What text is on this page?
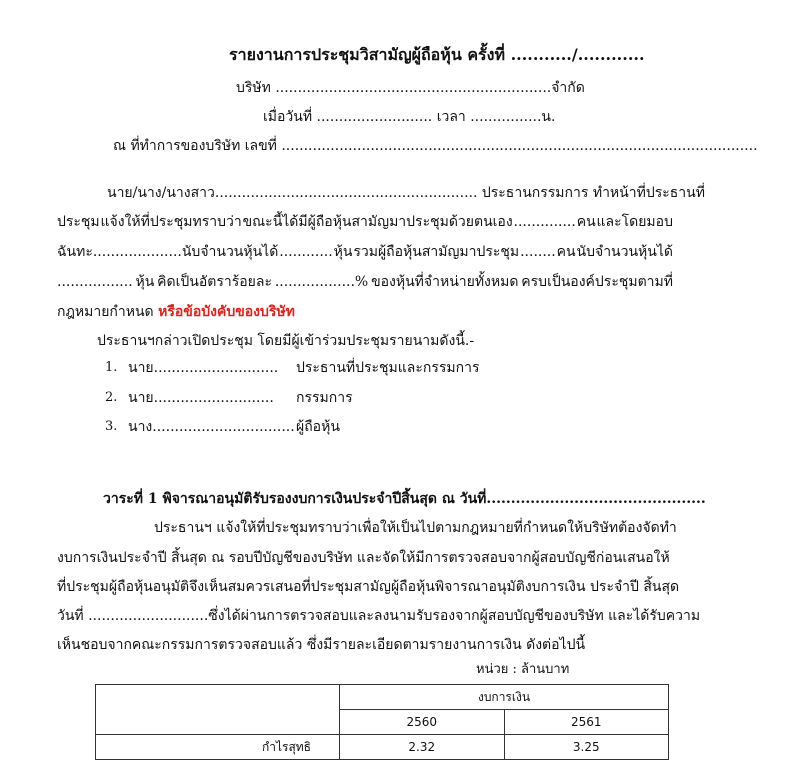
รายงานการประชุมวิสามัญผู้ถือหุ้น ครั้งที่ .........../............
บริษัท ..............................................................จำกัด
เมื่อวันที่ .......................... เวลา ................น.
ณ ที่ทำการของบริษัท เลขที่ ...........................................................................................................
นาย/นาง/นางสาว........................................................... ประธานกรรมการ ทำหน้าที่ประธานที่
ประชุม แจ้งให้ที่ประชุมทราบว่า ขณะนี้ได้มีผู้ถือหุ้นสามัญมาประชุมด้วยตนเอง .............. คน และโดยมอบ
ฉันทะ....................นับจำนวนหุ้นได้ ............ หุ้น รวมผู้ถือหุ้นสามัญมาประชุม ........ คน นับจำนวนหุ้นได้
................. หุ้น คิดเป็นอัตราร้อยละ ..................% ของหุ้นที่จำหน่ายทั้งหมด ครบเป็นองค์ประชุมตามที่
กฎหมายกำหนด หรือข้อบังคับของบริษัท
ประธานฯกล่าวเปิดประชุม โดยมีผู้เข้าร่วมประชุมรายนามดังนี้.-
1. นาย............................ ประธานที่ประชุมและกรรมการ
2. นาย........................... กรรมการ
3. นาง................................ ผู้ถือหุ้น
วาระที่ 1 พิจารณาอนุมัติรับรองงบการเงินประจำปีสิ้นสุด ณ วันที่.............................................
ประธานฯ แจ้งให้ที่ประชุมทราบว่าเพื่อให้เป็นไปตามกฎหมายที่กำหนดให้บริษัทต้องจัดทำ
งบการเงินประจำปี สิ้นสุด ณ รอบปีบัญชีของบริษัท และจัดให้มีการตรวจสอบจากผู้สอบบัญชีก่อนเสนอให้
ที่ประชุมผู้ถือหุ้นอนุมัติจึงเห็นสมควรเสนอที่ประชุมสามัญผู้ถือหุ้นพิจารณาอนุมัติงบการเงิน ประจำปี สิ้นสุด
วันที่ ...........................ซึ่งได้ผ่านการตรวจสอบและลงนามรับรองจากผู้สอบบัญชีของบริษัท และได้รับความ
เห็นชอบจากคณะกรรมการตรวจสอบแล้ว ซึ่งมีรายละเอียดตามรายงานการเงิน ดังต่อไปนี้
หน่วย : ล้านบาท
	งบการเงิน	
	2560	2561
กำไรสุทธิ	2.32	3.25
